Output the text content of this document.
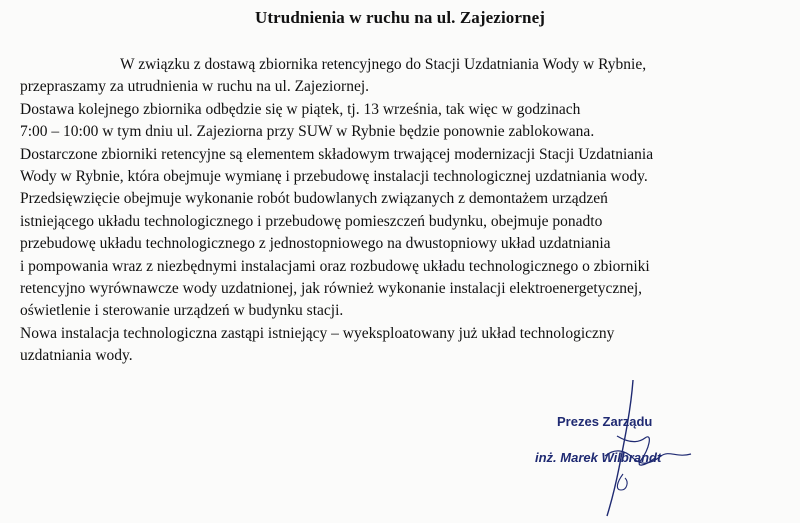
Utrudnienia w ruchu na ul. Zajeziornej
W związku z dostawą zbiornika retencyjnego do Stacji Uzdatniania Wody w Rybnie,
przepraszamy za utrudnienia w ruchu na ul. Zajeziornej.
Dostawa kolejnego zbiornika odbędzie się w piątek, tj. 13 września, tak więc w godzinach
7:00 – 10:00 w tym dniu ul. Zajeziorna przy SUW w Rybnie będzie ponownie zablokowana.
Dostarczone zbiorniki retencyjne są elementem składowym trwającej modernizacji Stacji Uzdatniania
Wody w Rybnie, która obejmuje wymianę i przebudowę instalacji technologicznej uzdatniania wody.
Przedsięwzięcie obejmuje wykonanie robót budowlanych związanych z demontażem urządzeń
istniejącego układu technologicznego i przebudowę pomieszczeń budynku, obejmuje ponadto
przebudowę układu technologicznego z jednostopniowego na dwustopniowy układ uzdatniania
i pompowania wraz z niezbędnymi instalacjami oraz rozbudowę układu technologicznego o zbiorniki
retencyjno wyrównawcze wody uzdatnionej, jak również wykonanie instalacji elektroenergetycznej,
oświetlenie i sterowanie urządzeń w budynku stacji.
Nowa instalacja technologiczna zastąpi istniejący – wyeksploatowany już układ technologiczny
uzdatniania wody.
Prezes Zarządu
inż. Marek Wilbrandt
